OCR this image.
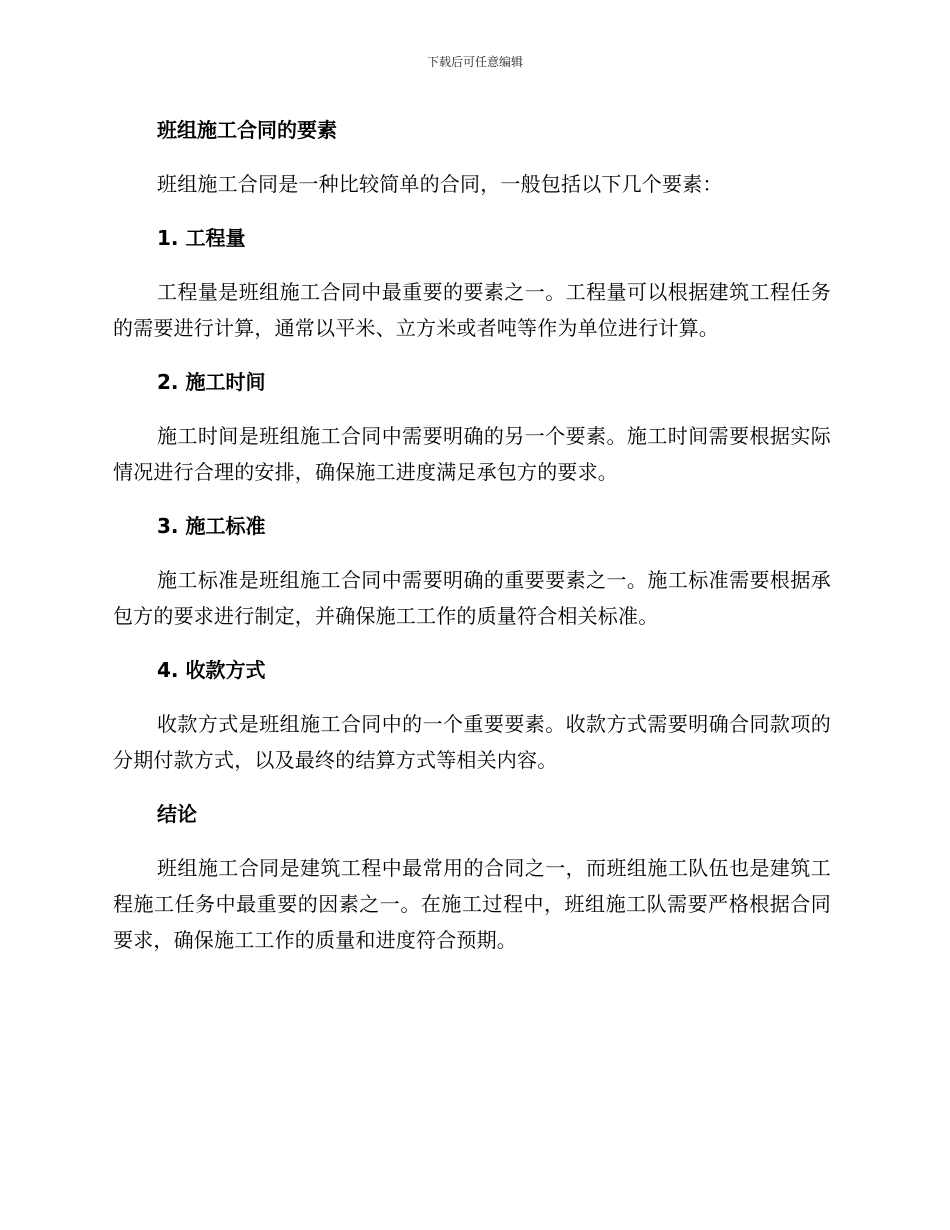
下载后可任意编辑
班组施工合同的要素

班组施工合同是一种比较简单的合同，一般包括以下几个要素：

1. 工程量

工程量是班组施工合同中最重要的要素之一。工程量可以根据建筑工程任务的需要进行计算，通常以平米、立方米或者吨等作为单位进行计算。

2. 施工时间

施工时间是班组施工合同中需要明确的另一个要素。施工时间需要根据实际情况进行合理的安排，确保施工进度满足承包方的要求。

3. 施工标准

施工标准是班组施工合同中需要明确的重要要素之一。施工标准需要根据承包方的要求进行制定，并确保施工工作的质量符合相关标准。

4. 收款方式

收款方式是班组施工合同中的一个重要要素。收款方式需要明确合同款项的分期付款方式，以及最终的结算方式等相关内容。

结论

班组施工合同是建筑工程中最常用的合同之一，而班组施工队伍也是建筑工程施工任务中最重要的因素之一。在施工过程中，班组施工队需要严格根据合同要求，确保施工工作的质量和进度符合预期。
